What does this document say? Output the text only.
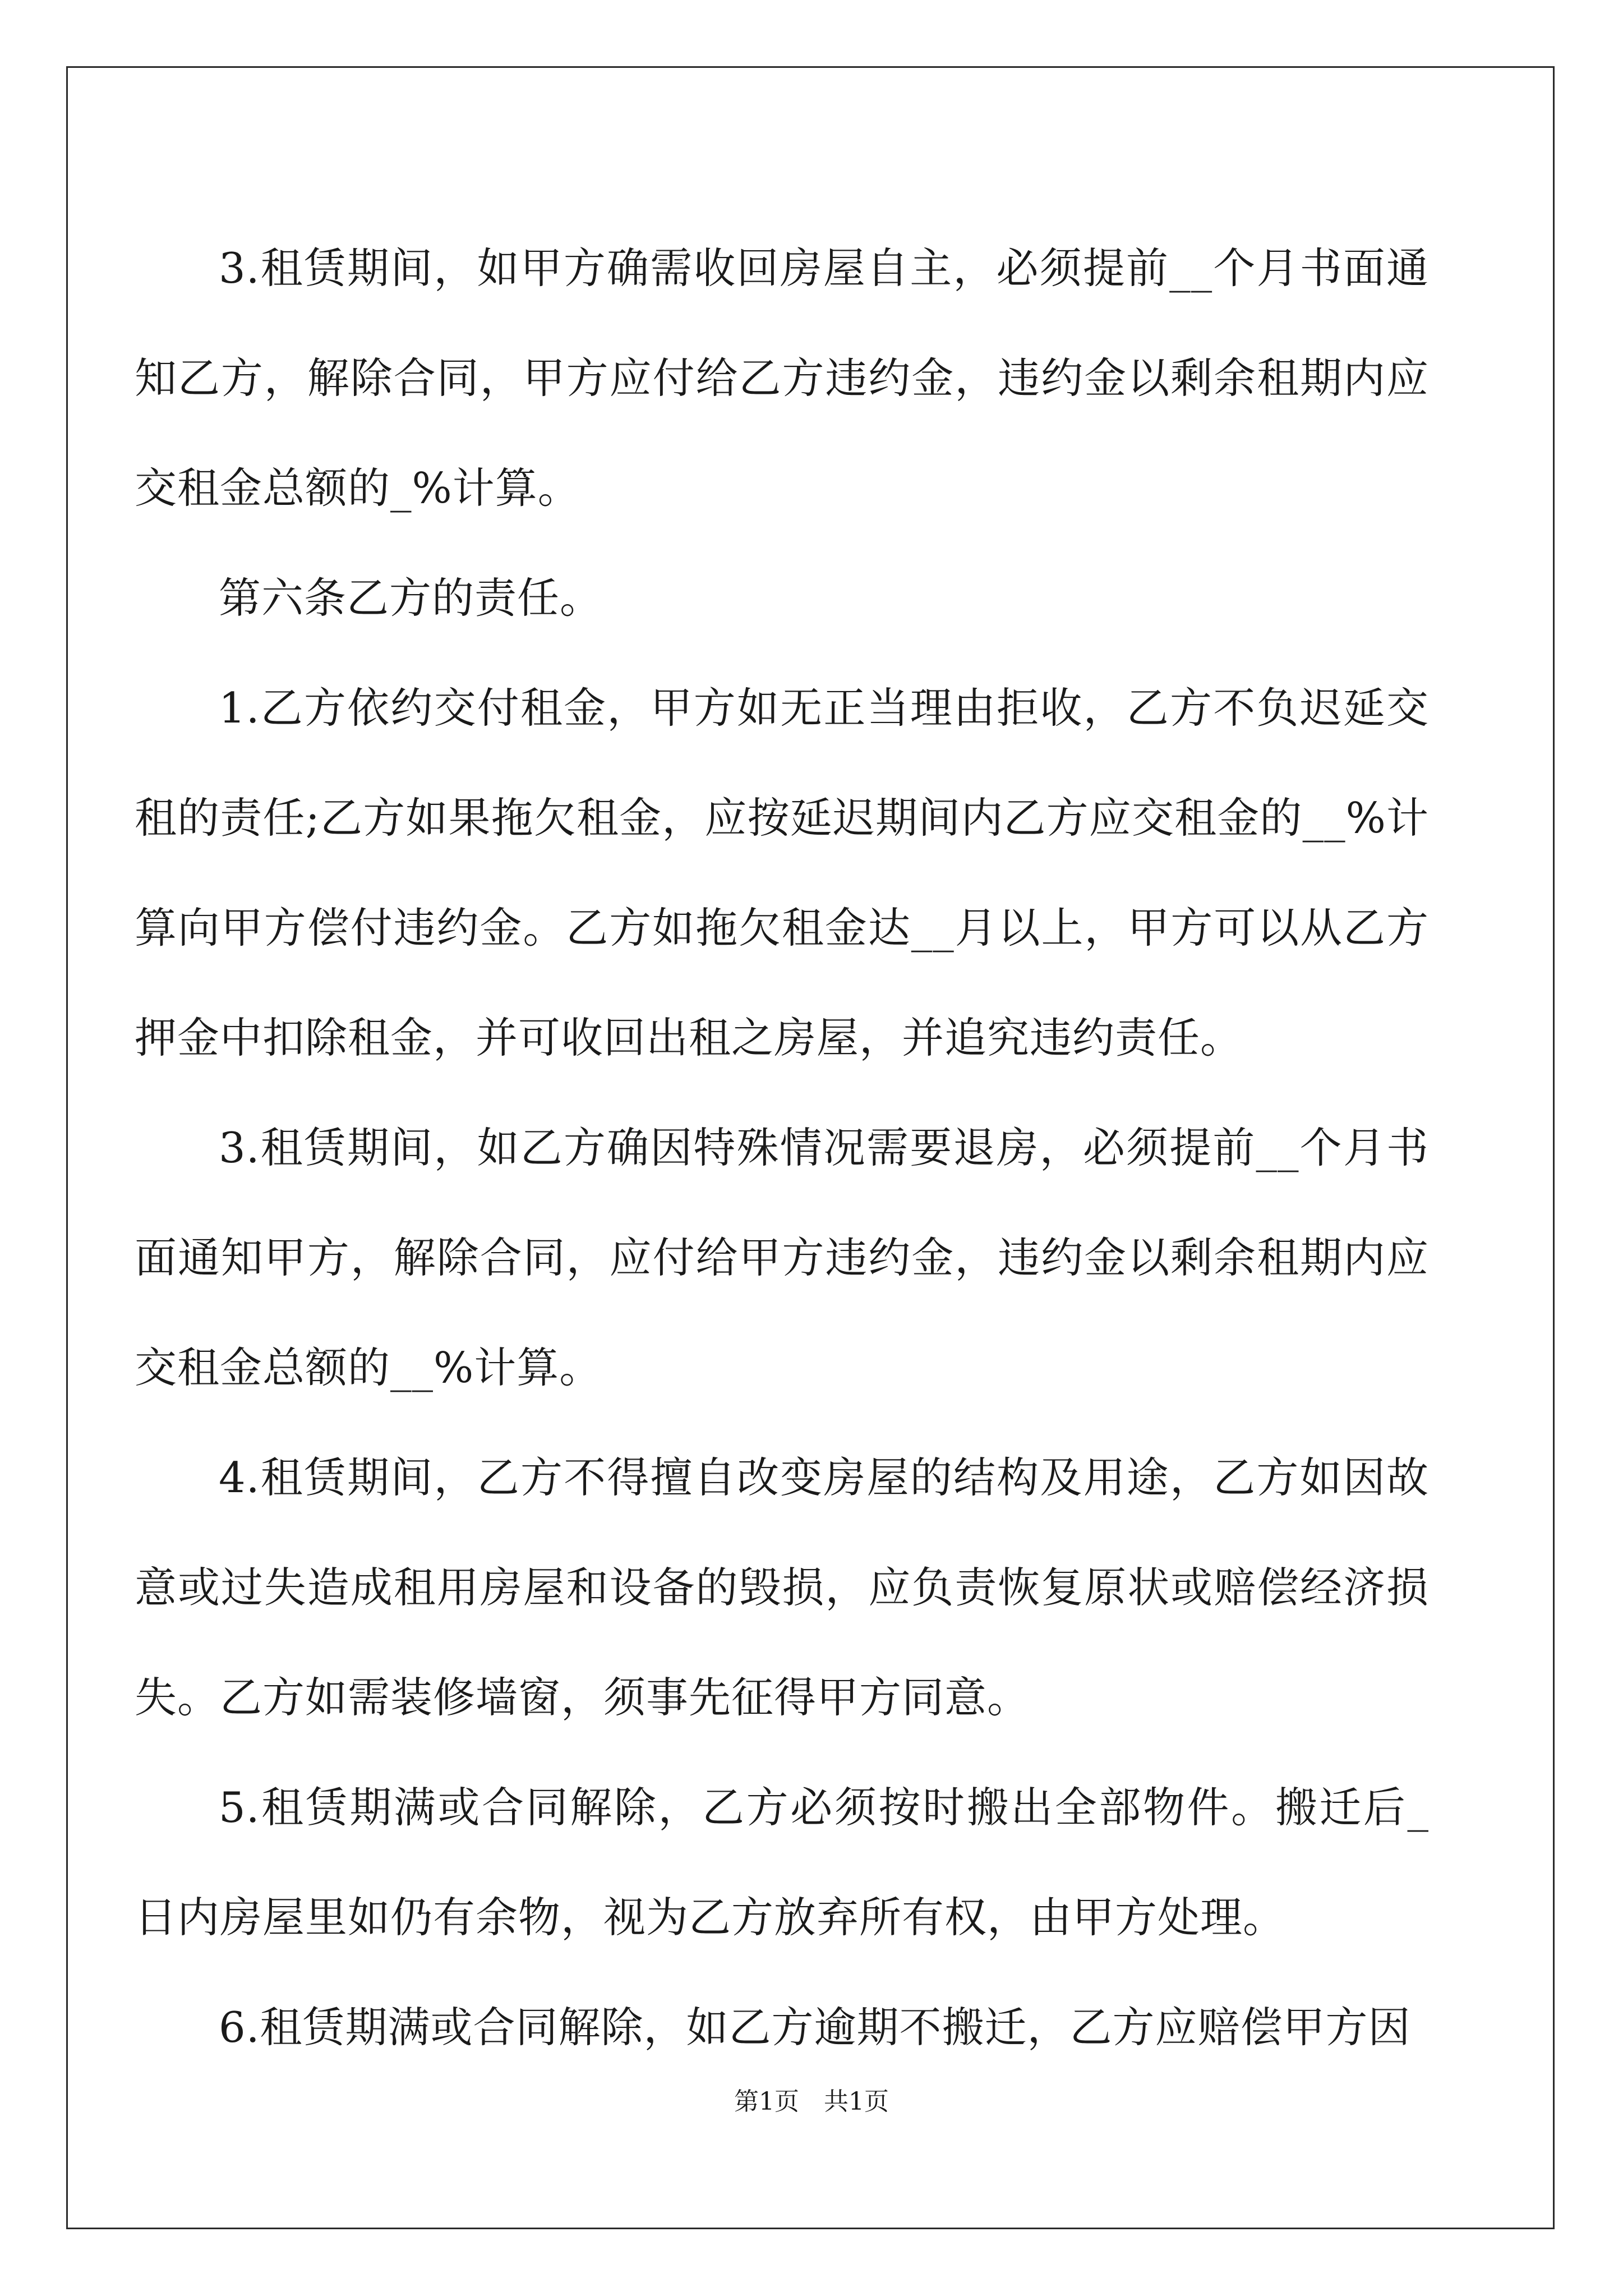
3.租赁期间，如甲方确需收回房屋自主，必须提前__个月书面通知乙方，解除合同，甲方应付给乙方违约金，违约金以剩余租期内应交租金总额的_%计算。

第六条乙方的责任。

1.乙方依约交付租金，甲方如无正当理由拒收，乙方不负迟延交租的责任;乙方如果拖欠租金，应按延迟期间内乙方应交租金的__%计算向甲方偿付违约金。乙方如拖欠租金达__月以上，甲方可以从乙方押金中扣除租金，并可收回出租之房屋，并追究违约责任。

3.租赁期间，如乙方确因特殊情况需要退房，必须提前__个月书面通知甲方，解除合同，应付给甲方违约金，违约金以剩余租期内应交租金总额的__%计算。

4.租赁期间，乙方不得擅自改变房屋的结构及用途，乙方如因故意或过失造成租用房屋和设备的毁损，应负责恢复原状或赔偿经济损失。乙方如需装修墙窗，须事先征得甲方同意。

5.租赁期满或合同解除，乙方必须按时搬出全部物件。搬迁后_日内房屋里如仍有余物，视为乙方放弃所有权，由甲方处理。

6.租赁期满或合同解除，如乙方逾期不搬迁，乙方应赔偿甲方因

第1页　共1页
